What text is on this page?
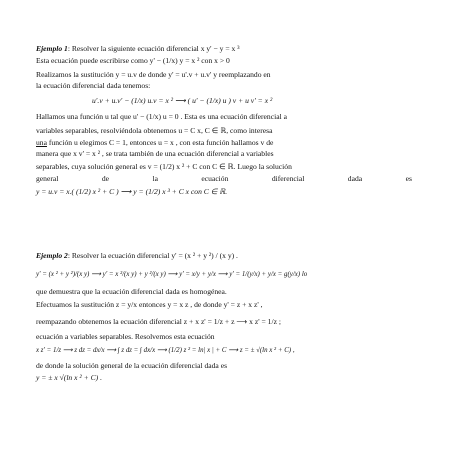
Ejemplo 1: Resolver la siguiente ecuación diferencial x y' − y = x ³
Esta ecuación puede escribirse como y' − (1/x) y = x ² con x > 0
Realizamos la sustitución y = u.v de donde y' = u'.v + u.v' y reemplazando en
la ecuación diferencial dada tenemos:
u'.v + u.v' − (1/x) u.v = x ² ⟶ ( u' − (1/x) u ) v + u v' = x ²
Hallamos una función u tal que u' − (1/x) u = 0 . Esta es una ecuación diferencial a
variables separables, resolviéndola obtenemos u = C x, C ∈ ℝ, como interesa
una función u elegimos C = 1, entonces u = x , con esta función hallamos v de
manera que x v' = x ² , se trata también de una ecuación diferencial a variables
separables, cuya solución general es v = (1/2) x ² + C con C ∈ ℝ. Luego la solución
general	de	la	ecuación	diferencial	dada	es
y = u.v = x.( (1/2) x ² + C ) ⟶ y = (1/2) x ³ + C x con C ∈ ℝ.
Ejemplo 2: Resolver la ecuación diferencial y' = (x ² + y ²) / (x y) .
y' = (x ² + y ²)/(x y) ⟶ y' = x ²/(x y) + y ²/(x y) ⟶ y' = x/y + y/x ⟶ y' = 1/(y/x) + y/x = g(y/x) lo
que demuestra que la ecuación diferencial dada es homogénea.
Efectuamos la sustitución z = y/x entonces y = x z , de donde y' = z + x z' ,
reempazando obtenemos la ecuación diferencial z + x z' = 1/z + z ⟶ x z' = 1/z ;
ecuación a variables separables. Resolvemos esta ecuación
x z' = 1/z ⟶ z dz = dx/x ⟶ ∫ z dz = ∫ dx/x ⟶ (1/2) z ² = ln| x | + C ⟶ z = ± √(ln x ² + C) ,
de donde la solución general de la ecuación diferencial dada es
y = ± x √(ln x ² + C) .
